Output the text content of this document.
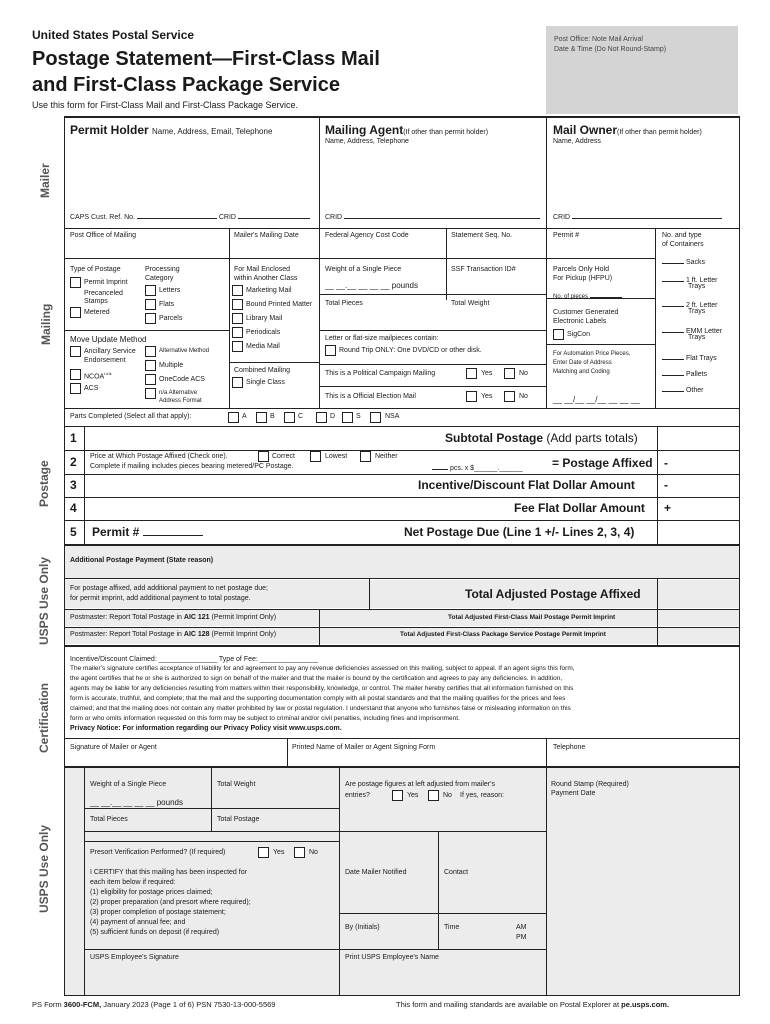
United States Postal Service
Postage Statement—First-Class Mail
and First-Class Package Service
Use this form for First-Class Mail and First-Class Package Service.
Post Office: Note Mail Arrival
Date & Time (Do Not Round-Stamp)
Mailer
Mailing
Postage
USPS Use Only
Certification
USPS Use Only
Permit Holder Name, Address, Email, Telephone	Mailing Agent(If other than permit holder)
Name, Address, Telephone
Mail Owner(If other than permit holder)
Name, Address
CAPS Cust. Ref. No.	CRID	CRID	CRID
Post Office of Mailing	Mailer's Mailing Date	Federal Agency Cost Code	Statement Seq. No.	Permit #	No. and type
of Containers
Sacks
1 ft. Letter
Trays
2 ft. Letter
Trays
EMM Letter
Trays
Flat Trays
Pallets
Other
Type of Postage
Permit Imprint
Precanceled
Stamps
Metered
Processing
Category
Letters
Flats
Parcels
For Mail Enclosed
within Another Class
Marketing Mail
Bound Printed Matter
Library Mail
Periodicals
Media Mail
Combined Mailing
Single Class
Weight of a Single Piece
__ __.__ __ __ __ pounds
SSF Transaction ID#
Total Pieces	Total Weight
Parcels Only Hold
For Pickup (HFPU)
No. of pieces
Customer Generated
Electronic Labels
SigCon
For Automation Price Pieces,
Enter Date of Address
Matching and Coding
__ __/__ __/__ __ __ __
Move Update Method
Ancillary Service
Endorsement
Alternative Method
Multiple
$NCOA^{Link}$
OneCode ACS
ACS
n/a Alternative
Address Format
Letter or flat-size mailpieces contain:
Round Trip ONLY: One DVD/CD or other disk.
This is a Political Campaign Mailing	Yes	No
This is a Official Election Mail	Yes	No
Parts Completed (Select all that apply):	A	B	C	D	S	NSA
1	Subtotal Postage (Add parts totals)
2 Price at Which Postage Affixed (Check one).	Correct	Lowest	Neither
Complete if mailing includes pieces bearing metered/PC Postage.	pcs. x $______.______ = Postage Affixed -
3	Incentive/Discount Flat Dollar Amount -
4	Fee Flat Dollar Amount +
5 Permit #	Net Postage Due (Line 1 +/- Lines 2, 3, 4)
Additional Postage Payment (State reason)
For postage affixed, add additional payment to net postage due;
for permit imprint, add additional payment to total postage.	Total Adjusted Postage Affixed
Postmaster: Report Total Postage in AIC 121 (Permit Imprint Only)	Total Adjusted First-Class Mail Postage Permit Imprint
Postmaster: Report Total Postage in AIC 128 (Permit Imprint Only)	Total Adjusted First-Class Package Service Postage Permit Imprint
Incentive/Discount Claimed: _______________ Type of Fee: _______________
The mailer's signature certifies acceptance of liability for and agreement to pay any revenue deficiencies assessed on this mailing, subject to appeal. If an agent signs this form,
the agent certifies that he or she is authorized to sign on behalf of the mailer and that the mailer is bound by the certification and agrees to pay any deficiencies. In addition,
agents may be liable for any deficiencies resulting from matters within their responsibility, knowledge, or control. The mailer hereby certifies that all information furnished on this
form is accurate, truthful, and complete; that the mail and the supporting documentation comply with all postal standards and that the mailing qualifies for the prices and fees
claimed; and that the mailing does not contain any matter prohibited by law or postal regulation. I understand that anyone who furnishes false or misleading information on this
form or who omits information requested on this form may be subject to criminal and/or civil penalties, including fines and imprisonment.
Privacy Notice: For information regarding our Privacy Policy visit www.usps.com.
Signature of Mailer or Agent	Printed Name of Mailer or Agent Signing Form	Telephone
Weight of a Single Piece
__ __.__ __ __ __ pounds
Total Weight	Are postage figures at left adjusted from mailer's
entries?	Yes	No If yes, reason:
Round Stamp (Required)
Payment Date
Total Pieces	Total Postage
Presort Verification Performed? (If required)	Yes	No
I CERTIFY that this mailing has been inspected for
each item below if required:
(1) eligibility for postage prices claimed;
(2) proper preparation (and presort where required);
(3) proper completion of postage statement;
(4) payment of annual fee; and
(5) sufficient funds on deposit (if required)
Date Mailer Notified	Contact
By (Initials)	Time	AM
PM
USPS Employee's Signature	Print USPS Employee's Name
PS Form 3600-FCM, January 2023 (Page 1 of 6) PSN 7530-13-000-5569	This form and mailing standards are available on Postal Explorer at pe.usps.com.
